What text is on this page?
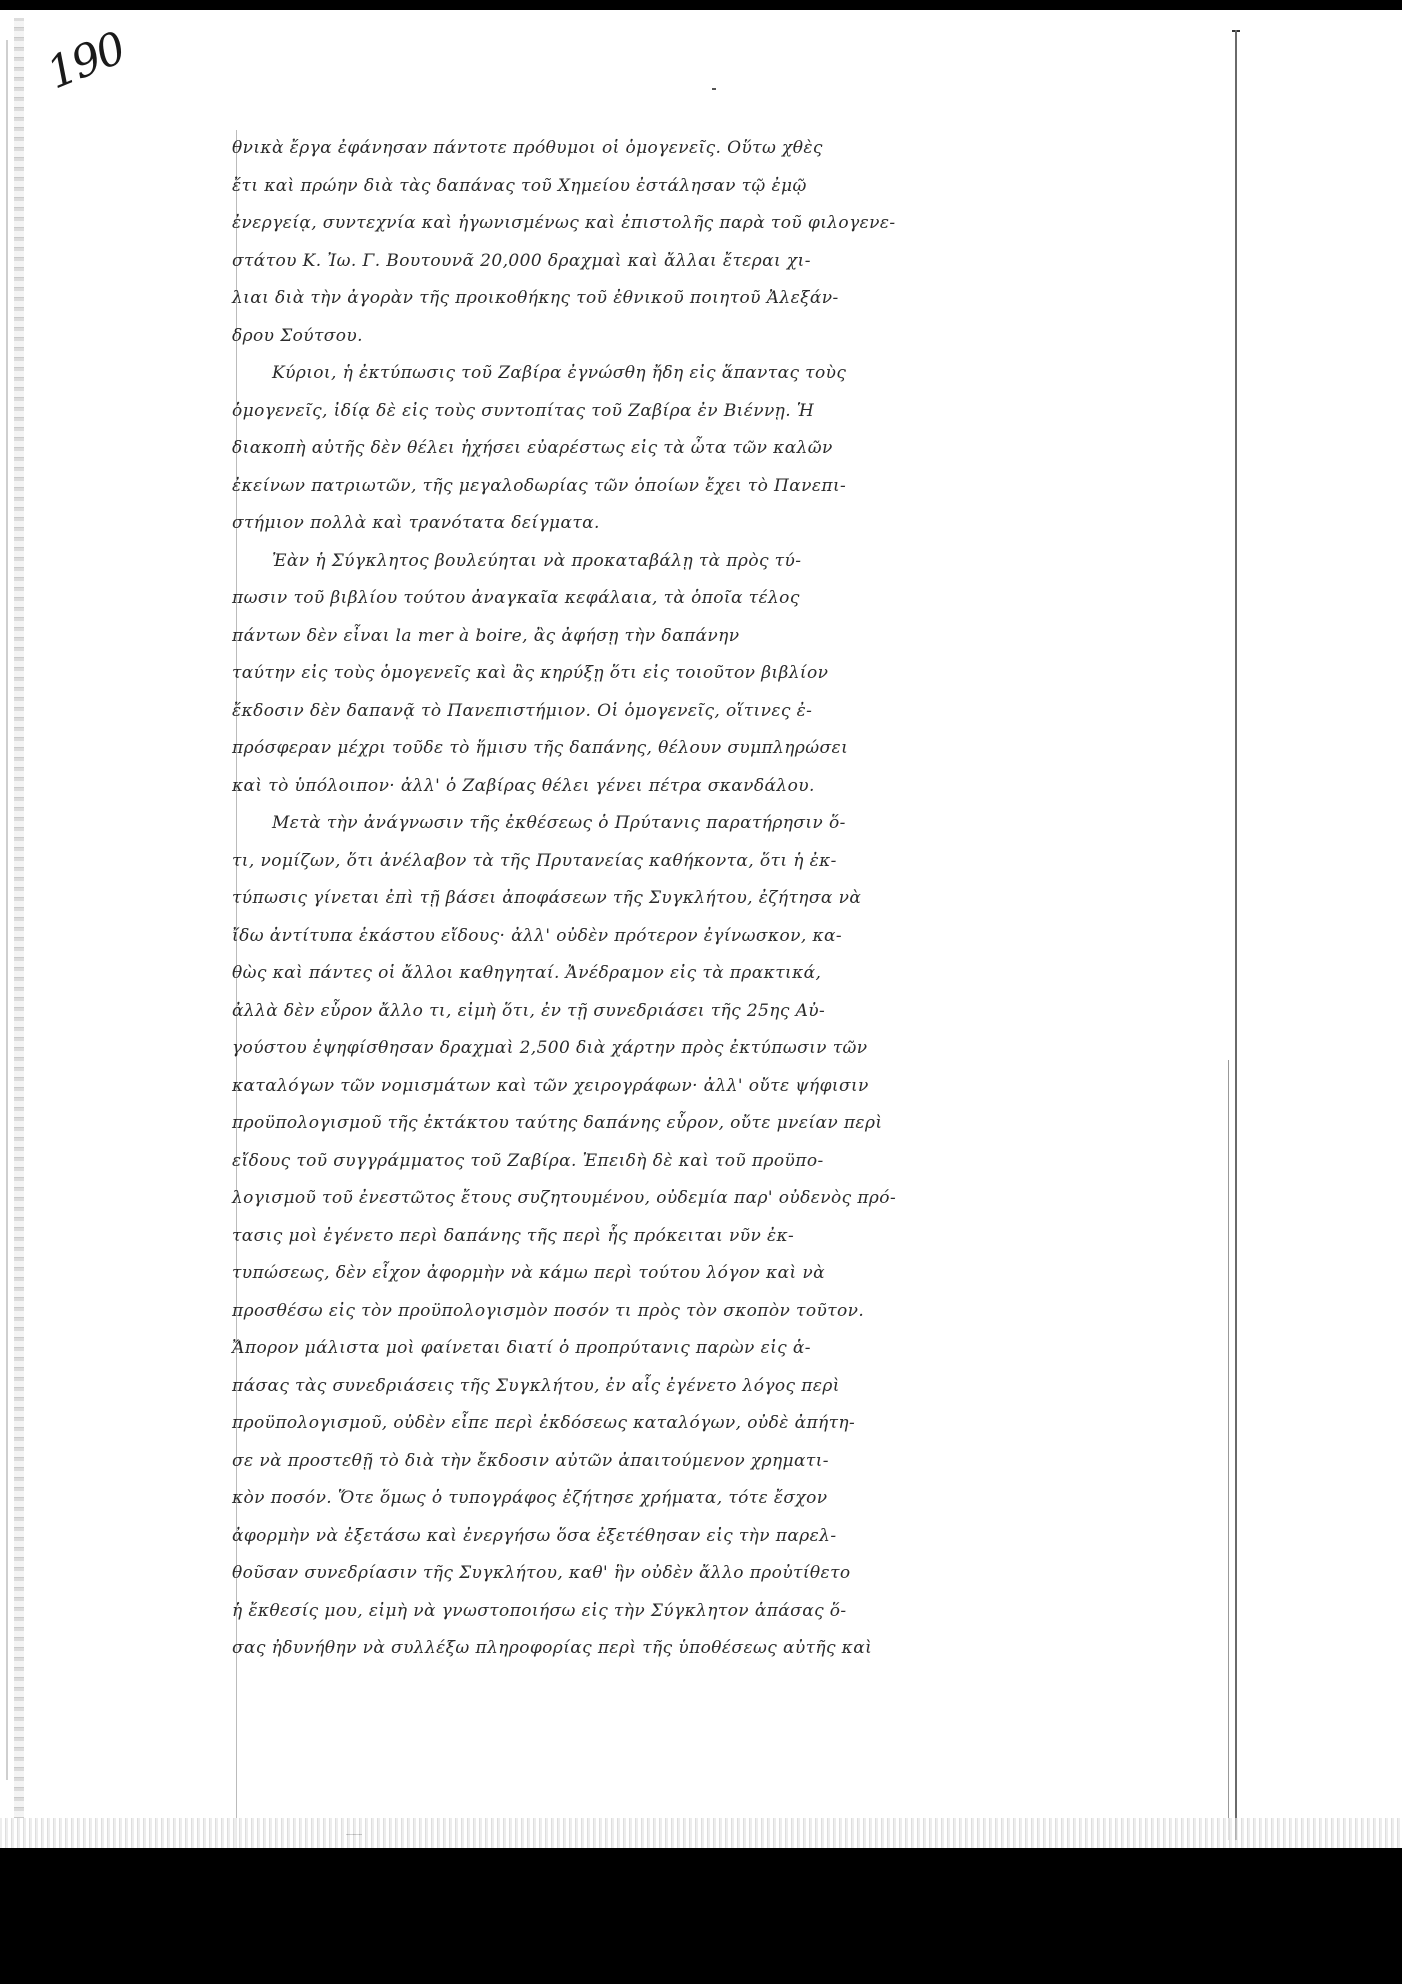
190
θνικὰ ἔργα ἐφάνησαν πάντοτε πρόθυμοι οἱ ὁμογενεῖς. Οὕτω χθὲς
ἔτι καὶ πρώην διὰ τὰς δαπάνας τοῦ Χημείου ἐστάλησαν τῷ ἐμῷ
ἐνεργείᾳ, συντεχνία καὶ ἠγωνισμένως καὶ ἐπιστολῆς παρὰ τοῦ φιλογενε-
στάτου Κ. Ἰω. Γ. Βουτουνᾶ 20,000 δραχμαὶ καὶ ἄλλαι ἔτεραι χι-
λιαι διὰ τὴν ἀγορὰν τῆς προικοθήκης τοῦ ἐθνικοῦ ποιητοῦ Ἀλεξάν-
δρου Σούτσου.
Κύριοι, ἡ ἐκτύπωσις τοῦ Ζαβίρα ἐγνώσθη ἤδη εἰς ἅπαντας τοὺς
ὁμογενεῖς, ἰδίᾳ δὲ εἰς τοὺς συντοπίτας τοῦ Ζαβίρα ἐν Βιέννῃ. Ἡ
διακοπὴ αὐτῆς δὲν θέλει ἠχήσει εὐαρέστως εἰς τὰ ὦτα τῶν καλῶν
ἐκείνων πατριωτῶν, τῆς μεγαλοδωρίας τῶν ὁποίων ἔχει τὸ Πανεπι-
στήμιον πολλὰ καὶ τρανότατα δείγματα.
Ἐὰν ἡ Σύγκλητος βουλεύηται νὰ προκαταβάλῃ τὰ πρὸς τύ-
πωσιν τοῦ βιβλίου τούτου ἀναγκαῖα κεφάλαια, τὰ ὁποῖα τέλος
πάντων δὲν εἶναι la mer à boire, ἂς ἀφήσῃ τὴν δαπάνην
ταύτην εἰς τοὺς ὁμογενεῖς καὶ ἂς κηρύξῃ ὅτι εἰς τοιοῦτον βιβλίον
ἔκδοσιν δὲν δαπανᾷ τὸ Πανεπιστήμιον. Οἱ ὁμογενεῖς, οἵτινες ἐ-
πρόσφεραν μέχρι τοῦδε τὸ ἥμισυ τῆς δαπάνης, θέλουν συμπληρώσει
καὶ τὸ ὑπόλοιπον· ἀλλ' ὁ Ζαβίρας θέλει γένει πέτρα σκανδάλου.
Μετὰ τὴν ἀνάγνωσιν τῆς ἐκθέσεως ὁ Πρύτανις παρατήρησιν ὅ-
τι, νομίζων, ὅτι ἀνέλαβον τὰ τῆς Πρυτανείας καθήκοντα, ὅτι ἡ ἐκ-
τύπωσις γίνεται ἐπὶ τῇ βάσει ἀποφάσεων τῆς Συγκλήτου, ἐζήτησα νὰ
ἴδω ἀντίτυπα ἑκάστου εἴδους· ἀλλ' οὐδὲν πρότερον ἐγίνωσκον, κα-
θὼς καὶ πάντες οἱ ἄλλοι καθηγηταί. Ἀνέδραμον εἰς τὰ πρακτικά,
ἀλλὰ δὲν εὗρον ἄλλο τι, εἰμὴ ὅτι, ἐν τῇ συνεδριάσει τῆς 25ης Αὐ-
γούστου ἐψηφίσθησαν δραχμαὶ 2,500 διὰ χάρτην πρὸς ἐκτύπωσιν τῶν
καταλόγων τῶν νομισμάτων καὶ τῶν χειρογράφων· ἀλλ' οὔτε ψήφισιν
προϋπολογισμοῦ τῆς ἐκτάκτου ταύτης δαπάνης εὗρον, οὔτε μνείαν περὶ
εἴδους τοῦ συγγράμματος τοῦ Ζαβίρα. Ἐπειδὴ δὲ καὶ τοῦ προϋπο-
λογισμοῦ τοῦ ἐνεστῶτος ἔτους συζητουμένου, οὐδεμία παρ' οὐδενὸς πρό-
τασις μοὶ ἐγένετο περὶ δαπάνης τῆς περὶ ἧς πρόκειται νῦν ἐκ-
τυπώσεως, δὲν εἶχον ἀφορμὴν νὰ κάμω περὶ τούτου λόγον καὶ νὰ
προσθέσω εἰς τὸν προϋπολογισμὸν ποσόν τι πρὸς τὸν σκοπὸν τοῦτον.
Ἄπορον μάλιστα μοὶ φαίνεται διατί ὁ προπρύτανις παρὼν εἰς ἁ-
πάσας τὰς συνεδριάσεις τῆς Συγκλήτου, ἐν αἷς ἐγένετο λόγος περὶ
προϋπολογισμοῦ, οὐδὲν εἶπε περὶ ἐκδόσεως καταλόγων, οὐδὲ ἀπήτη-
σε νὰ προστεθῇ τὸ διὰ τὴν ἔκδοσιν αὐτῶν ἀπαιτούμενον χρηματι-
κὸν ποσόν. Ὅτε ὅμως ὁ τυπογράφος ἐζήτησε χρήματα, τότε ἔσχον
ἀφορμὴν νὰ ἐξετάσω καὶ ἐνεργήσω ὅσα ἐξετέθησαν εἰς τὴν παρελ-
θοῦσαν συνεδρίασιν τῆς Συγκλήτου, καθ' ἣν οὐδὲν ἄλλο προὐτίθετο
ἡ ἔκθεσίς μου, εἰμὴ νὰ γνωστοποιήσω εἰς τὴν Σύγκλητον ἁπάσας ὅ-
σας ἠδυνήθην νὰ συλλέξω πληροφορίας περὶ τῆς ὑποθέσεως αὐτῆς καὶ
